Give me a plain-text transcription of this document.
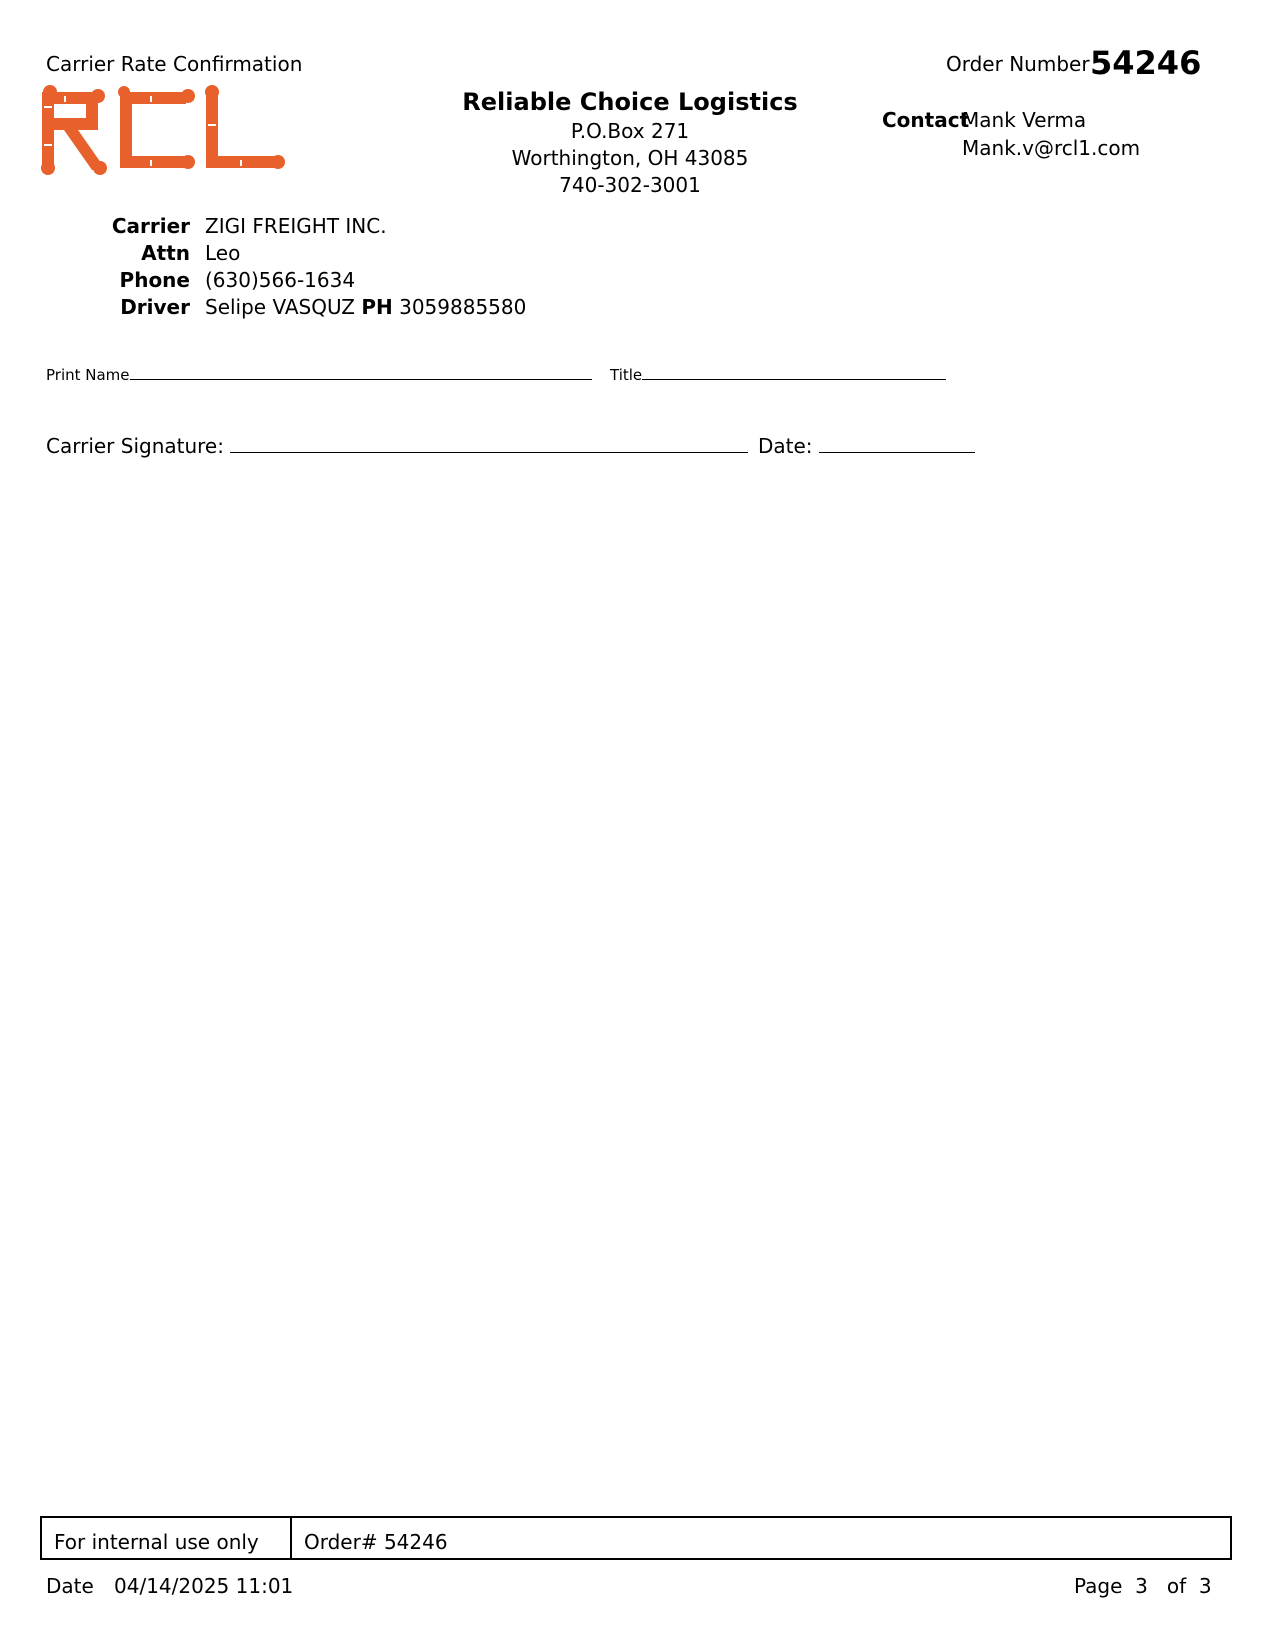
Carrier Rate Confirmation	Order Number 54246
Reliable Choice Logistics
P.O.Box 271
Worthington, OH 43085
740-302-3001
Contact
Mank Verma
Mank.v@rcl1.com
Carrier ZIGI FREIGHT INC.
Attn Leo
Phone (630)566-1634
Driver Selipe VASQUZ PH 3059885580
Print Name	Title
Carrier Signature:	Date:
For internal use only	Order# 54246
Date 04/14/2025 11:01	Page  3   of  3
